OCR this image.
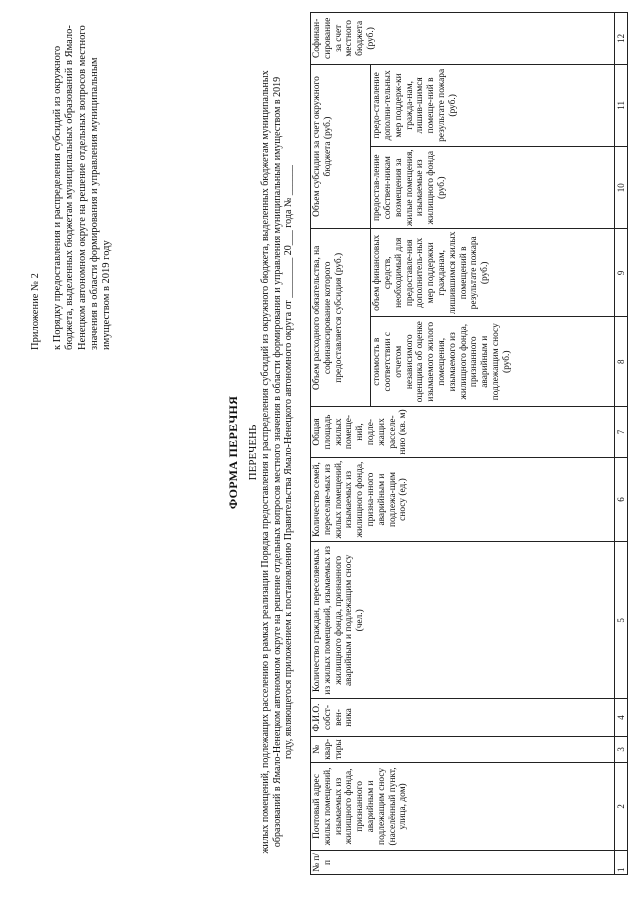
Приложение № 2 к Порядку предоставления и распределения субсидий из окружного бюджета, выделенных бюджетам муниципальных образований в Ямало-Ненецком автономном округе на решение отдельных вопросов местного значения в области формирования и управления муниципальным имуществом в 2019 году
ФОРМА ПЕРЕЧНЯ ПЕРЕЧЕНЬ жилых помещений, подлежащих расселению в рамках реализации Порядка предоставления и распределения субсидий из окружного бюджета, выделенных бюджетам муниципальных образований в Ямало-Ненецком автономном округе на решение отдельных вопросов местного значения в области формирования и управления муниципальным имуществом в 2019 году, являющегося приложением к постановлению Правительства Ямало-Ненецкого автономного округа от ________ 20___ года № ______
№ п/п	Почтовый адрес жилых помещений, изымаемых из жилищного фонда, признанного аварийным и подлежащим сносу (населённый пункт, улица, дом)	№ квар-тиры	Ф.И.О. собст-вен-ника	Количество граждан, переселяемых из жилых помещений, изымаемых из жилищного фонда, признанного аварийным и подлежащим сносу (чел.)	Количество семей, переселяе-мых из жилых помещений, изымаемых из жилищного фонда, призна-нного аварийным и подлежа-щим сносу (ед.)	Общая площадь жилых помеще-ний, подле-жащих расселе-нию (кв. м)	Объем расходного обязательства, на софинансирование которого предоставляется субсидия (руб.)		Объем субсидии за счет окружного бюджета (руб.)		Софинан-сирование за счет местного бюджета (руб.)
							стоимость в соответствии с отчетом независимого оценщика об оценке изымаемого жилого помещения, изымаемого из жилищного фонда, признанного аварийным и подлежащим сносу (руб.)	объем финансовых средств, необходимый для предоставле-ния дополнитель-ных мер поддержки гражданам, лишившимся жилых помещений в результате пожара (руб.)	предостав-ление собствен-никам возмещения за жилые помещения, изымаемые из жилищного фонда (руб.)	предо-ставление дополни-тельных мер поддерж-ки гражда-нам, лишив-шимся помеще-ний в результате пожара (руб.)	
1	2	3	4	5	6	7	8	9	10	11	12
